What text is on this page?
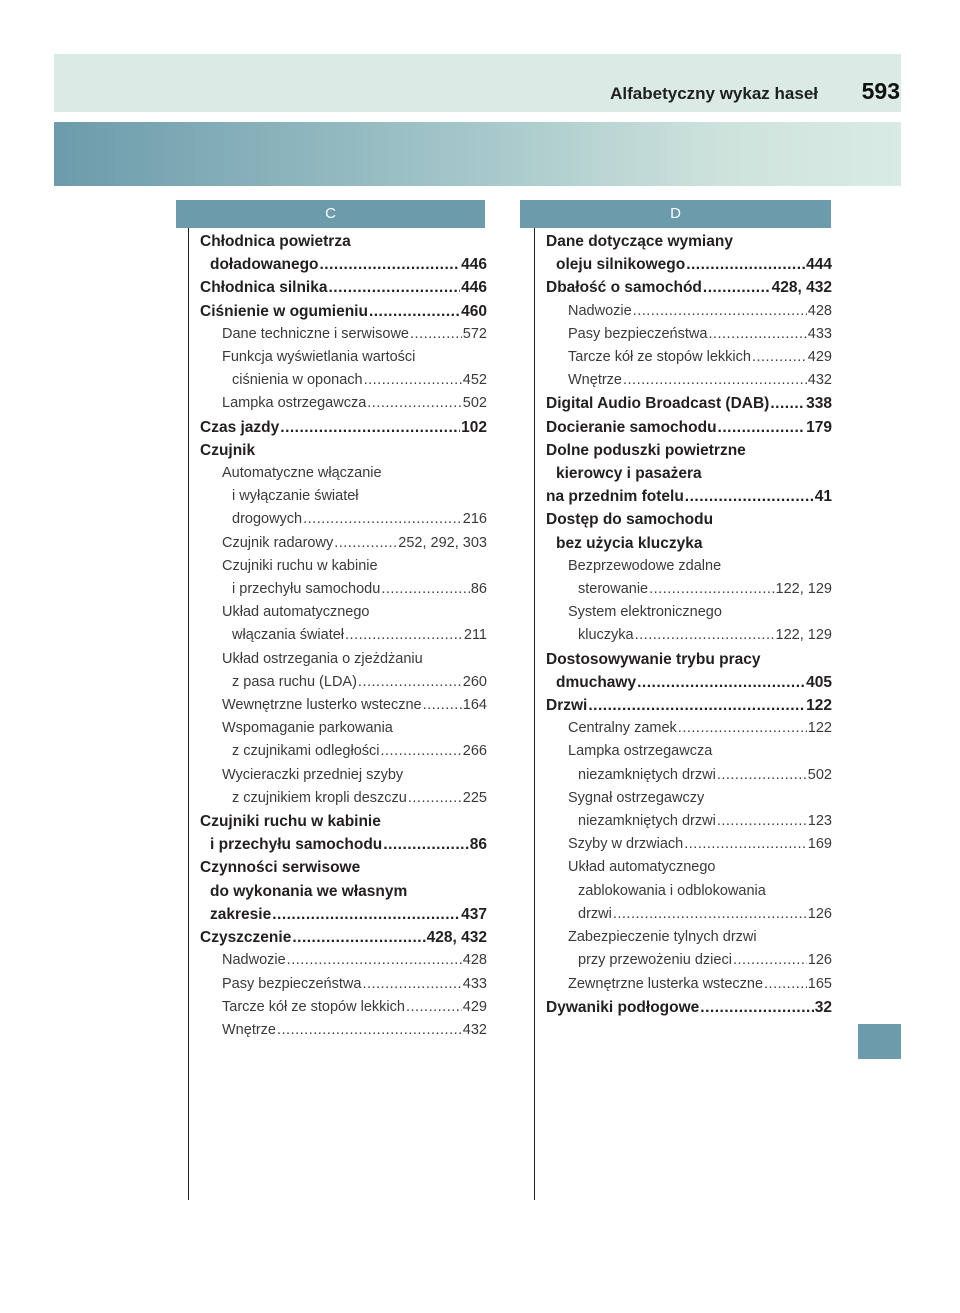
Alfabetyczny wykaz haseł 593
C	D
Chłodnica powietrza
doładowanego .....	446
Chłodnica silnika .....	446
Ciśnienie w ogumieniu .....	460
Dane techniczne i serwisowe .....	572
Funkcja wyświetlania wartości
ciśnienia w oponach .....	452
Lampka ostrzegawcza .....	502
Czas jazdy .....	102
Czujnik
Automatyczne włączanie
i wyłączanie świateł
drogowych .....	216
Czujnik radarowy .....	252, 292, 303
Czujniki ruchu w kabinie
i przechyłu samochodu .....	86
Układ automatycznego
włączania świateł .....	211
Układ ostrzegania o zjeżdżaniu
z pasa ruchu (LDA) .....	260
Wewnętrzne lusterko wsteczne .....	164
Wspomaganie parkowania
z czujnikami odległości .....	266
Wycieraczki przedniej szyby
z czujnikiem kropli deszczu .....	225
Czujniki ruchu w kabinie
i przechyłu samochodu .....	86
Czynności serwisowe
do wykonania we własnym
zakresie .....	437
Czyszczenie .....	428, 432
Nadwozie .....	428
Pasy bezpieczeństwa .....	433
Tarcze kół ze stopów lekkich .....	429
Wnętrze .....	432
Dane dotyczące wymiany
oleju silnikowego .....	444
Dbałość o samochód .....	428, 432
Nadwozie .....	428
Pasy bezpieczeństwa .....	433
Tarcze kół ze stopów lekkich .....	429
Wnętrze .....	432
Digital Audio Broadcast (DAB) ..... 338
Docieranie samochodu .....	179
Dolne poduszki powietrzne
kierowcy i pasażera
na przednim fotelu .....	41
Dostęp do samochodu
bez użycia kluczyka
Bezprzewodowe zdalne
sterowanie .....	122, 129
System elektronicznego
kluczyka .....	122, 129
Dostosowywanie trybu pracy
dmuchawy .....	405
Drzwi .....	122
Centralny zamek .....	122
Lampka ostrzegawcza
niezamkniętych drzwi .....	502
Sygnał ostrzegawczy
niezamkniętych drzwi .....	123
Szyby w drzwiach .....	169
Układ automatycznego
zablokowania i odblokowania
drzwi .....	126
Zabezpieczenie tylnych drzwi
przy przewożeniu dzieci .....	126
Zewnętrzne lusterka wsteczne .....	165
Dywaniki podłogowe .....	32
